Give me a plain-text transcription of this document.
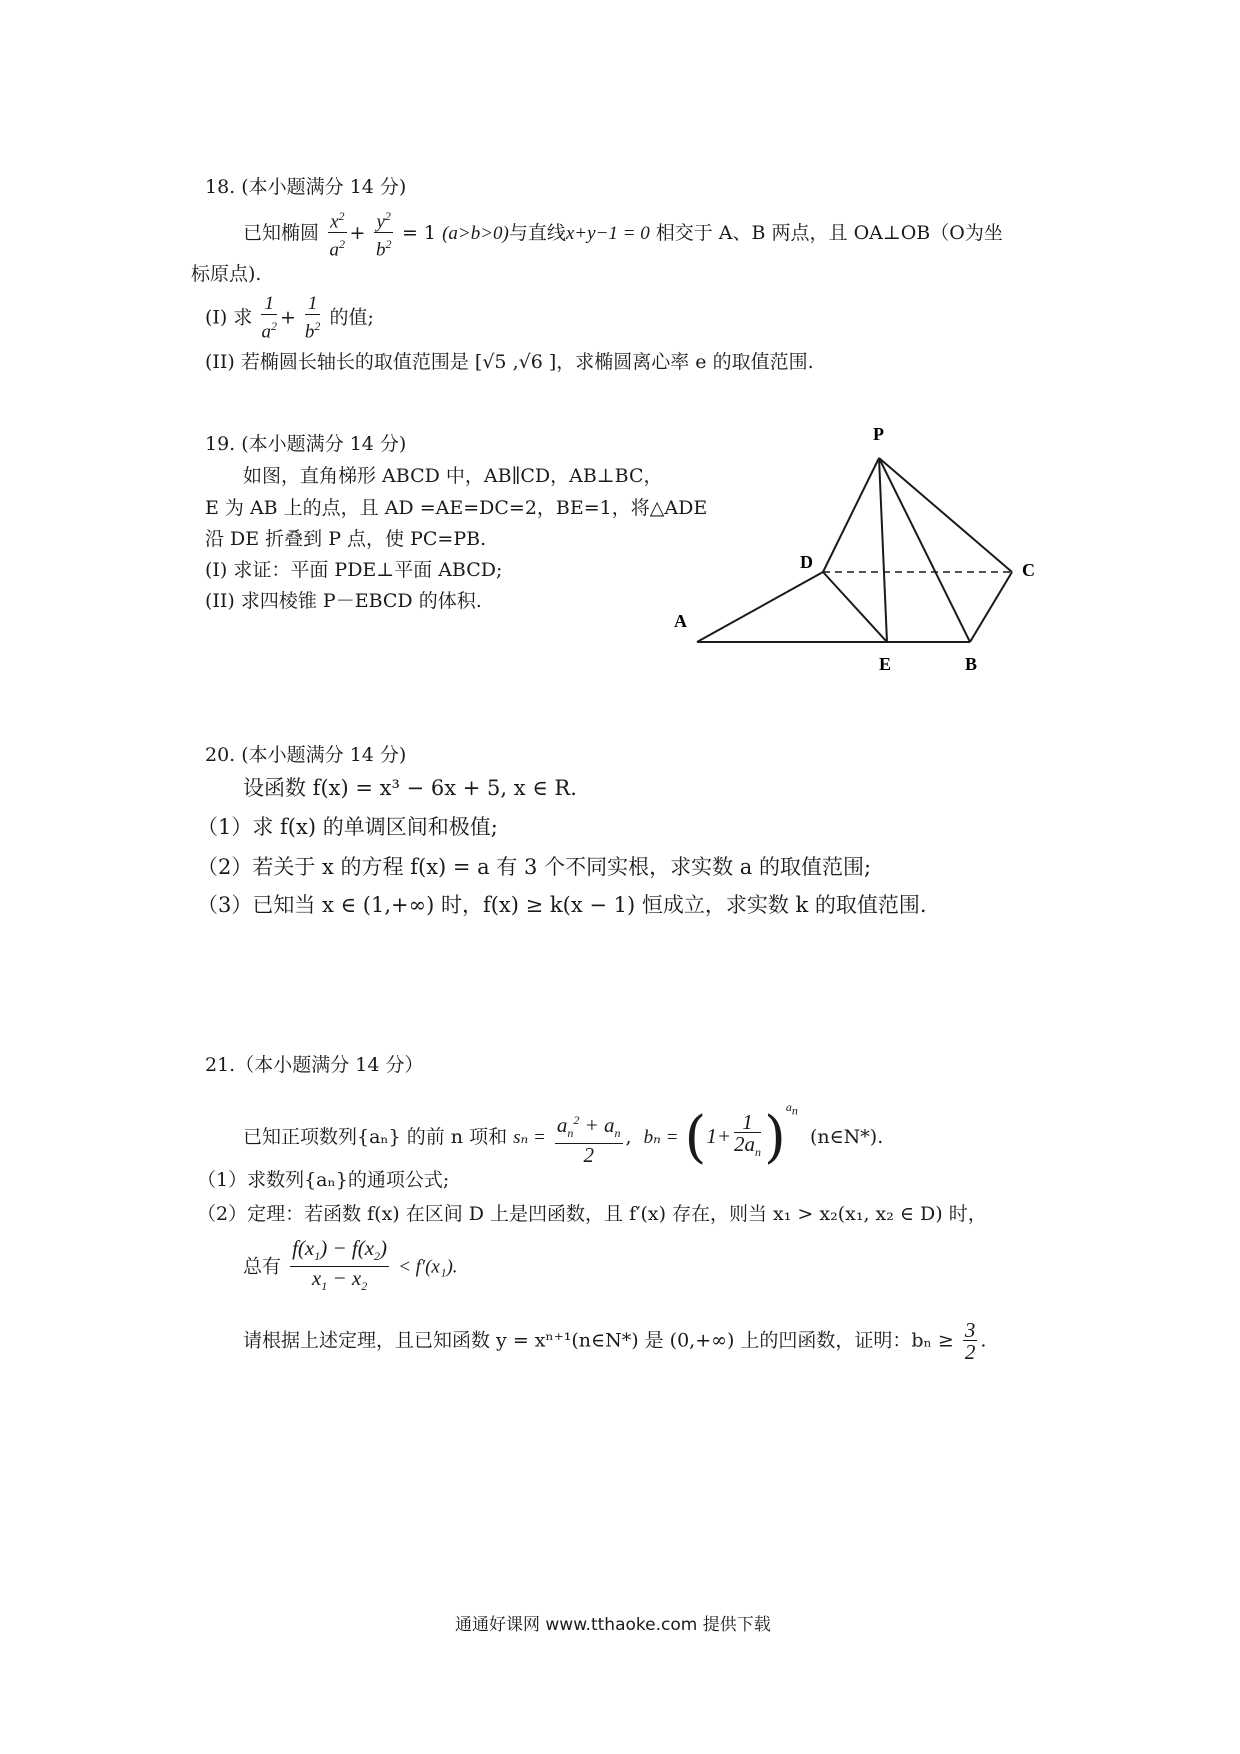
18. (本小题满分 14 分)
已知椭圆 $\frac{x^2}{a^2} + \frac{y^2}{b^2} = 1$ (a>b>0)与直线x+y−1 = 0 相交于 A、B 两点，且 OA⊥OB（O为坐
标原点).
(I) 求 $\frac{1}{a^2} + \frac{1}{b^2}$ 的值;
(II) 若椭圆长轴长的取值范围是 [√5 ,√6 ]，求椭圆离心率 e 的取值范围.
19. (本小题满分 14 分)
如图，直角梯形 ABCD 中，AB∥CD，AB⊥BC，
E 为 AB 上的点，且 AD =AE=DC=2，BE=1，将△ADE
沿 DE 折叠到 P 点，使 PC=PB.
(I) 求证：平面 PDE⊥平面 ABCD;
(II) 求四棱锥 P－EBCD 的体积.
P
D	C
A
E	B
20. (本小题满分 14 分)
设函数 f(x) = x³ − 6x + 5, x ∈ R.
（1）求 f(x) 的单调区间和极值;
（2）若关于 x 的方程 f(x) = a 有 3 个不同实根，求实数 a 的取值范围;
（3）已知当 x ∈ (1,+∞) 时，f(x) ≥ k(x − 1) 恒成立，求实数 k 的取值范围.
21.（本小题满分 14 分）
已知正项数列{aₙ} 的前 n 项和 $s_n = \frac{a_n^2 + a_n}{2}$ ,  $b_n = (1+ \frac{1}{2a_n} )^{a_n}$  (n∈N*).
（1）求数列{aₙ}的通项公式;
（2）定理：若函数 f(x) 在区间 D 上是凹函数，且 f′(x) 存在，则当 x₁ > x₂(x₁, x₂ ∈ D) 时，
总有 $\frac{f(x_1) - f(x_2)}{x_1 - x_2} < f'(x_1)$.
请根据上述定理，且已知函数 y = xⁿ⁺¹(n∈N*) 是 (0,+∞) 上的凹函数，证明：$b_n \ge \frac{3}{2}$ .
通通好课网 www.tthaoke.com 提供下载
